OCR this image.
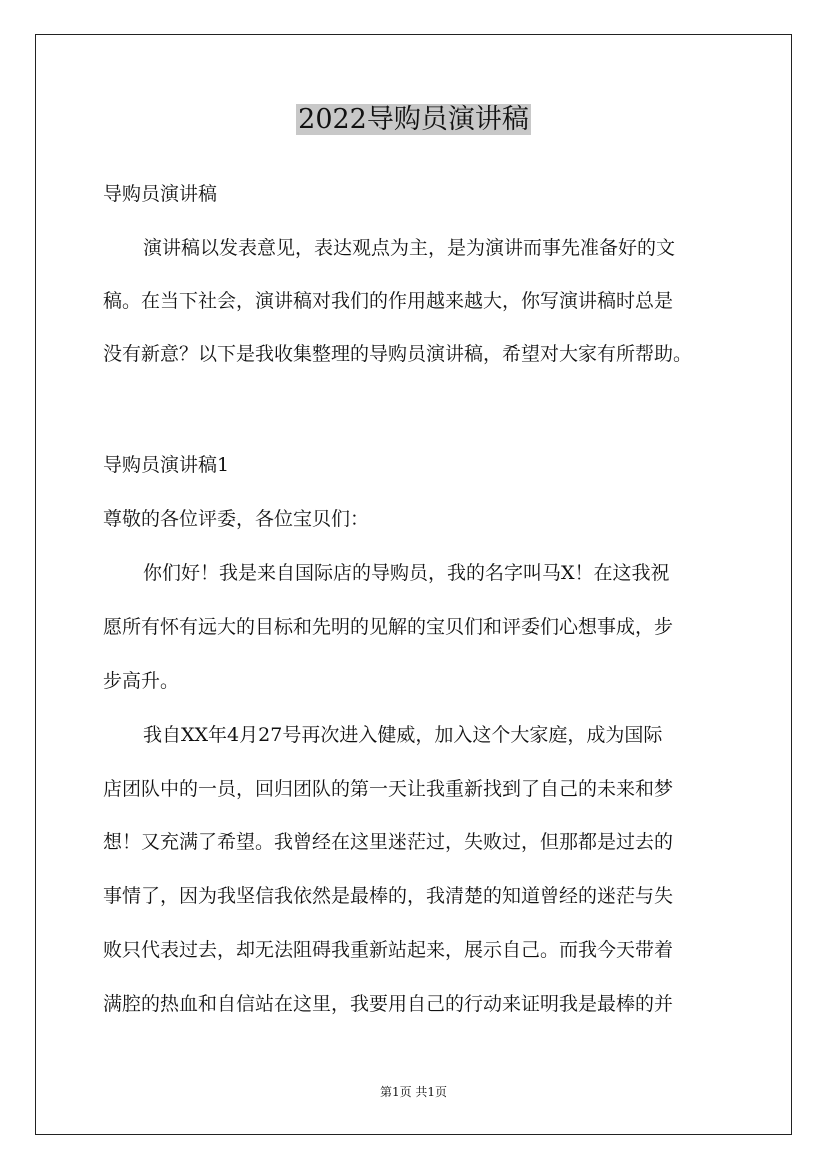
2022导购员演讲稿
导购员演讲稿
演讲稿以发表意见，表达观点为主，是为演讲而事先准备好的文
稿。在当下社会，演讲稿对我们的作用越来越大，你写演讲稿时总是
没有新意？以下是我收集整理的导购员演讲稿，希望对大家有所帮助。
导购员演讲稿1
尊敬的各位评委，各位宝贝们：
你们好！我是来自国际店的导购员，我的名字叫马X！在这我祝
愿所有怀有远大的目标和先明的见解的宝贝们和评委们心想事成，步
步高升。
我自XX年4月27号再次进入健威，加入这个大家庭，成为国际
店团队中的一员，回归团队的第一天让我重新找到了自己的未来和梦
想！又充满了希望。我曾经在这里迷茫过，失败过，但那都是过去的
事情了，因为我坚信我依然是最棒的，我清楚的知道曾经的迷茫与失
败只代表过去，却无法阻碍我重新站起来，展示自己。而我今天带着
满腔的热血和自信站在这里，我要用自己的行动来证明我是最棒的并
第1页 共1页
